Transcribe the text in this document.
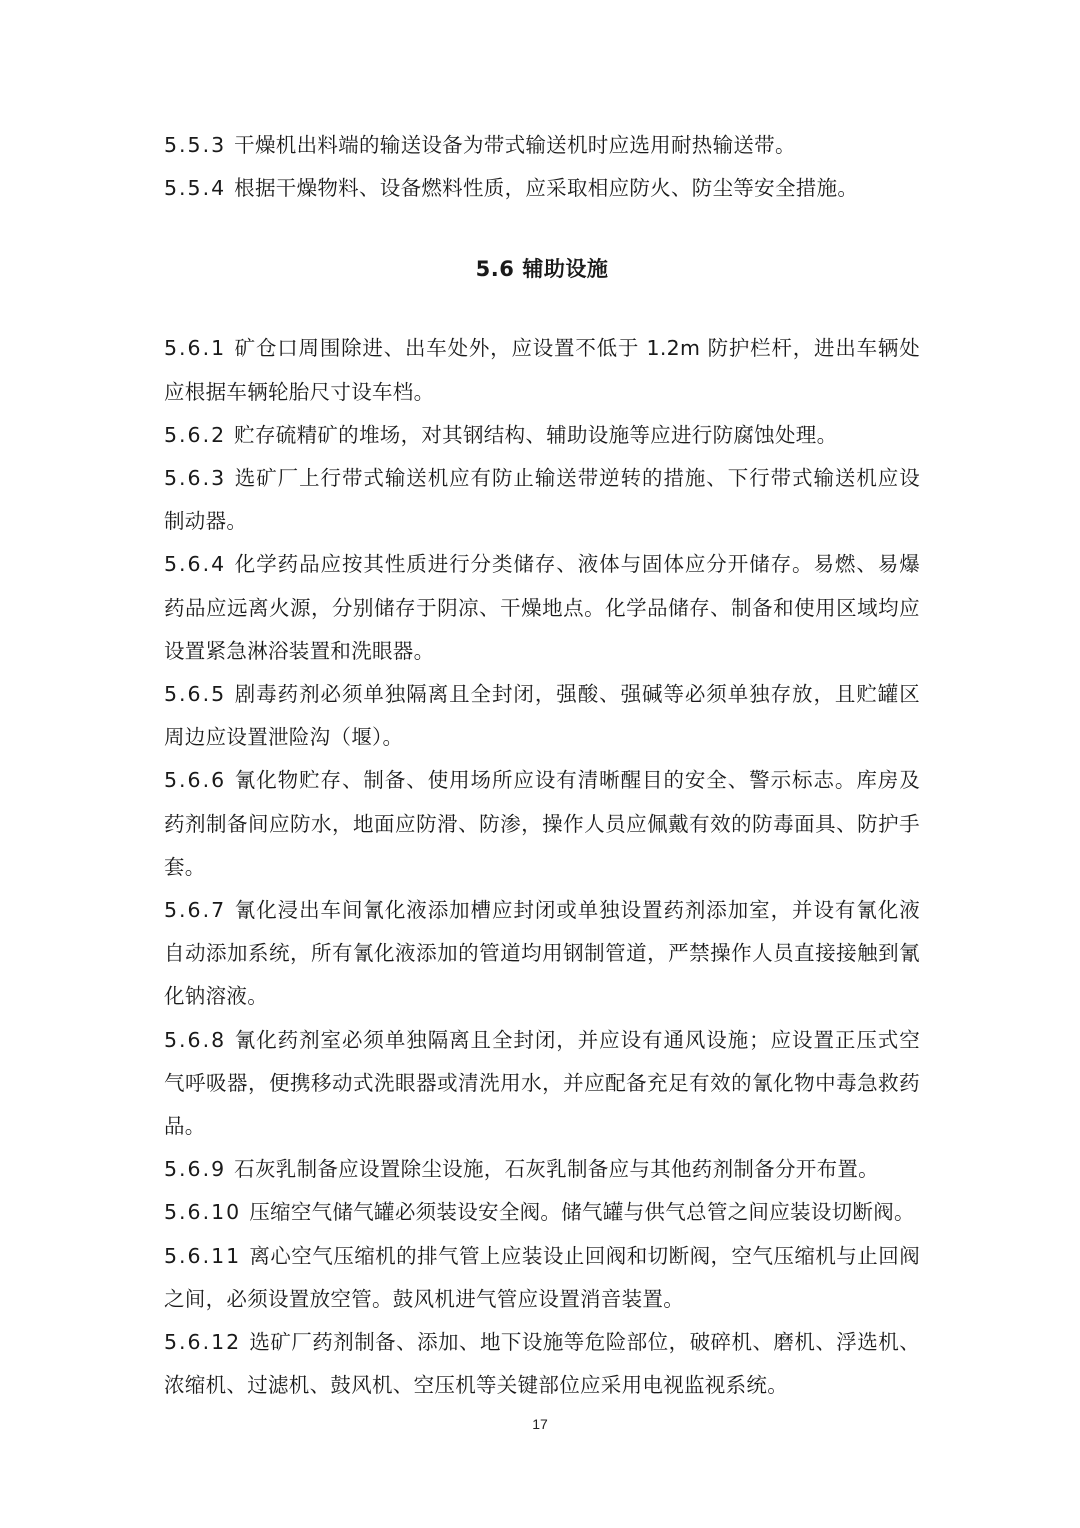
5.5.3 干燥机出料端的输送设备为带式输送机时应选用耐热输送带。

5.5.4 根据干燥物料、设备燃料性质，应采取相应防火、防尘等安全措施。

5.6 辅助设施

5.6.1 矿仓口周围除进、出车处外，应设置不低于 1.2m 防护栏杆，进出车辆处应根据车辆轮胎尺寸设车档。

5.6.2 贮存硫精矿的堆场，对其钢结构、辅助设施等应进行防腐蚀处理。

5.6.3 选矿厂上行带式输送机应有防止输送带逆转的措施、下行带式输送机应设制动器。

5.6.4 化学药品应按其性质进行分类储存、液体与固体应分开储存。易燃、易爆药品应远离火源，分别储存于阴凉、干燥地点。化学品储存、制备和使用区域均应设置紧急淋浴装置和洗眼器。

5.6.5 剧毒药剂必须单独隔离且全封闭，强酸、强碱等必须单独存放，且贮罐区周边应设置泄险沟（堰）。

5.6.6 氰化物贮存、制备、使用场所应设有清晰醒目的安全、警示标志。库房及药剂制备间应防水，地面应防滑、防渗，操作人员应佩戴有效的防毒面具、防护手套。

5.6.7 氰化浸出车间氰化液添加槽应封闭或单独设置药剂添加室，并设有氰化液自动添加系统，所有氰化液添加的管道均用钢制管道，严禁操作人员直接接触到氰化钠溶液。

5.6.8 氰化药剂室必须单独隔离且全封闭，并应设有通风设施；应设置正压式空气呼吸器，便携移动式洗眼器或清洗用水，并应配备充足有效的氰化物中毒急救药品。

5.6.9 石灰乳制备应设置除尘设施，石灰乳制备应与其他药剂制备分开布置。

5.6.10 压缩空气储气罐必须装设安全阀。储气罐与供气总管之间应装设切断阀。

5.6.11 离心空气压缩机的排气管上应装设止回阀和切断阀，空气压缩机与止回阀之间，必须设置放空管。鼓风机进气管应设置消音装置。

5.6.12 选矿厂药剂制备、添加、地下设施等危险部位，破碎机、磨机、浮选机、浓缩机、过滤机、鼓风机、空压机等关键部位应采用电视监视系统。

17
